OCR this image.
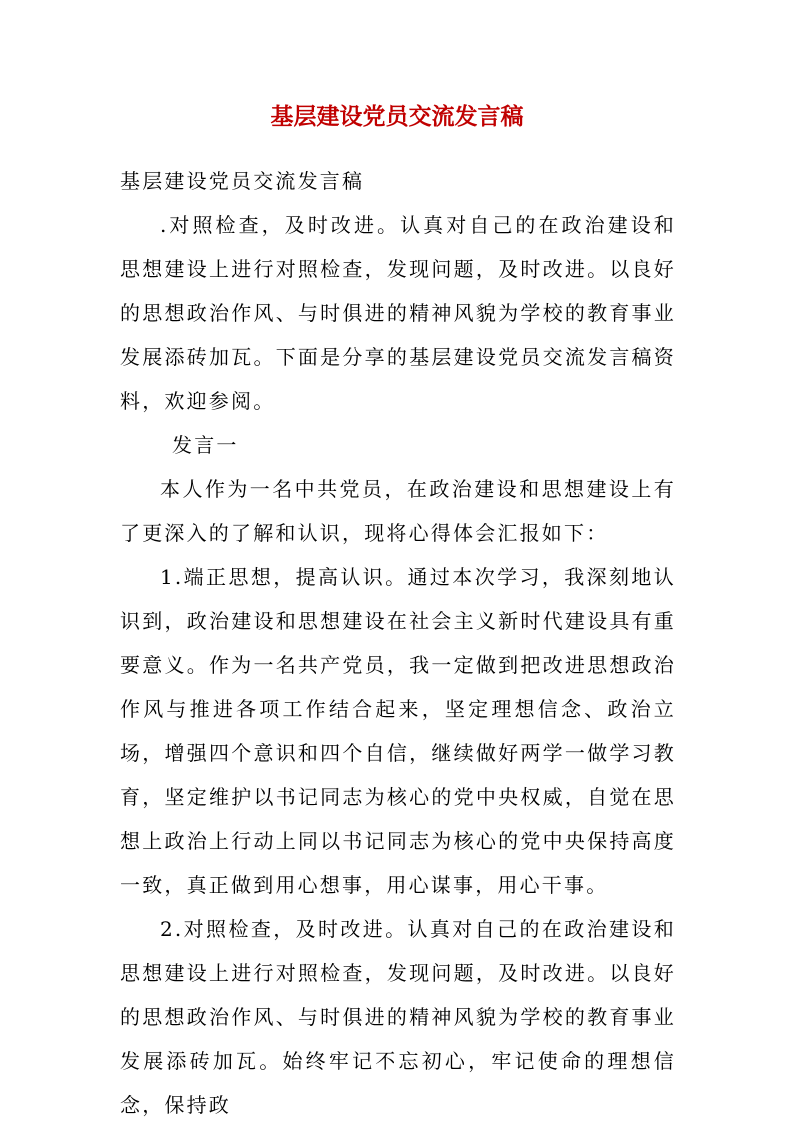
基层建设党员交流发言稿

基层建设党员交流发言稿

.对照检查，及时改进。认真对自己的在政治建设和思想建设上进行对照检查，发现问题，及时改进。以良好的思想政治作风、与时俱进的精神风貌为学校的教育事业发展添砖加瓦。下面是分享的基层建设党员交流发言稿资料，欢迎参阅。

发言一

本人作为一名中共党员，在政治建设和思想建设上有了更深入的了解和认识，现将心得体会汇报如下：

1.端正思想，提高认识。通过本次学习，我深刻地认识到，政治建设和思想建设在社会主义新时代建设具有重要意义。作为一名共产党员，我一定做到把改进思想政治作风与推进各项工作结合起来，坚定理想信念、政治立场，增强四个意识和四个自信，继续做好两学一做学习教育，坚定维护以书记同志为核心的党中央权威，自觉在思想上政治上行动上同以书记同志为核心的党中央保持高度一致，真正做到用心想事，用心谋事，用心干事。

2.对照检查，及时改进。认真对自己的在政治建设和思想建设上进行对照检查，发现问题，及时改进。以良好的思想政治作风、与时俱进的精神风貌为学校的教育事业发展添砖加瓦。始终牢记不忘初心，牢记使命的理想信念，保持政
